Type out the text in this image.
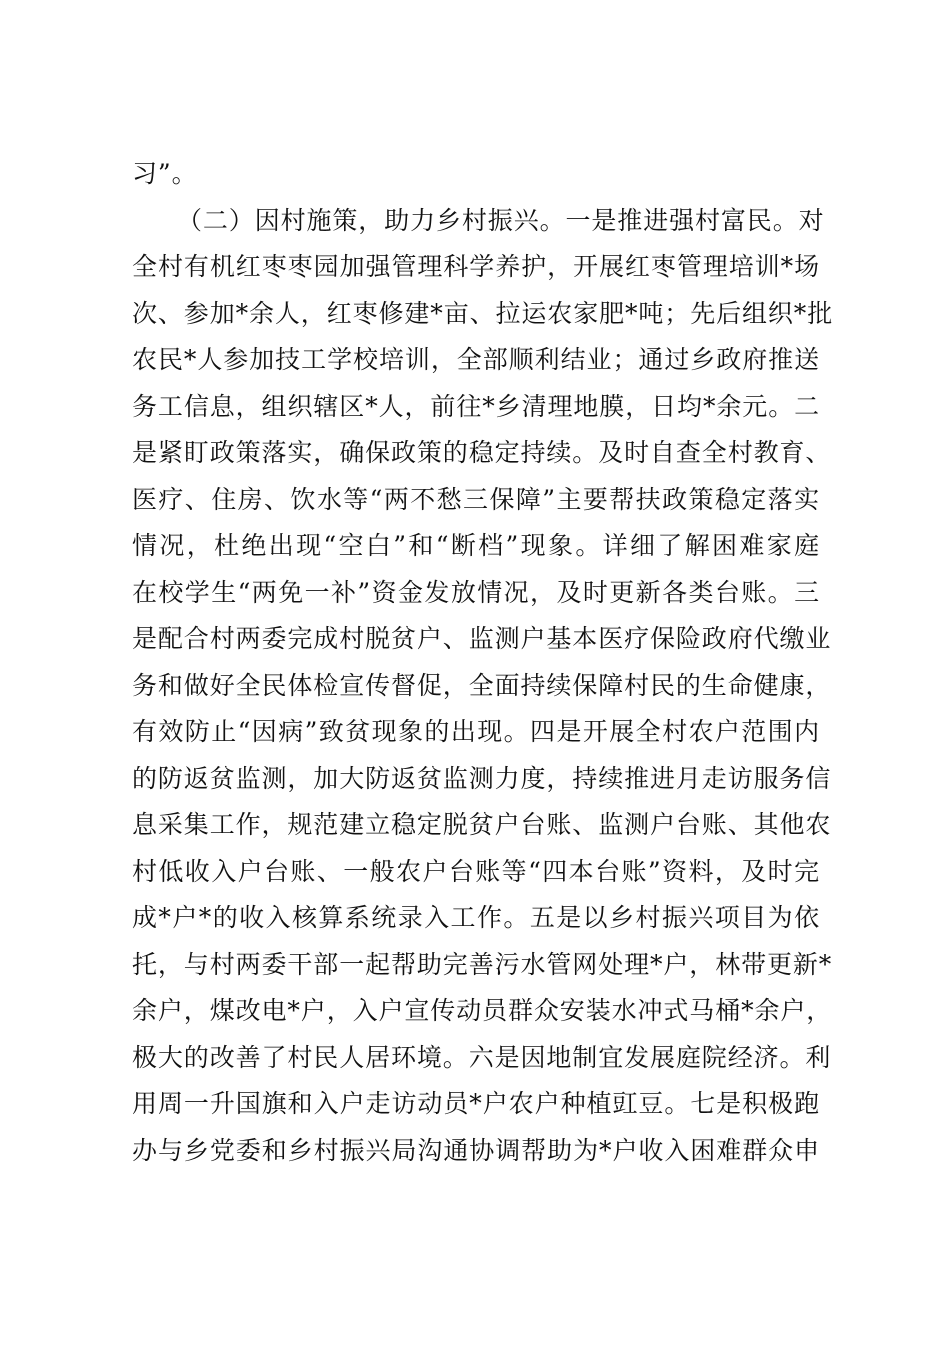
习”。
（二）因村施策，助力乡村振兴。一是推进强村富民。对
全村有机红枣枣园加强管理科学养护，开展红枣管理培训*场
次、参加*余人，红枣修建*亩、拉运农家肥*吨；先后组织*批
农民*人参加技工学校培训，全部顺利结业；通过乡政府推送
务工信息，组织辖区*人，前往*乡清理地膜，日均*余元。二
是紧盯政策落实，确保政策的稳定持续。及时自查全村教育、
医疗、住房、饮水等“两不愁三保障”主要帮扶政策稳定落实
情况，杜绝出现“空白”和“断档”现象。详细了解困难家庭
在校学生“两免一补”资金发放情况，及时更新各类台账。三
是配合村两委完成村脱贫户、监测户基本医疗保险政府代缴业
务和做好全民体检宣传督促，全面持续保障村民的生命健康，
有效防止“因病”致贫现象的出现。四是开展全村农户范围内
的防返贫监测，加大防返贫监测力度，持续推进月走访服务信
息采集工作，规范建立稳定脱贫户台账、监测户台账、其他农
村低收入户台账、一般农户台账等“四本台账”资料，及时完
成*户*的收入核算系统录入工作。五是以乡村振兴项目为依
托，与村两委干部一起帮助完善污水管网处理*户，林带更新*
余户，煤改电*户，入户宣传动员群众安装水冲式马桶*余户，
极大的改善了村民人居环境。六是因地制宜发展庭院经济。利
用周一升国旗和入户走访动员*户农户种植豇豆。七是积极跑
办与乡党委和乡村振兴局沟通协调帮助为*户收入困难群众申
